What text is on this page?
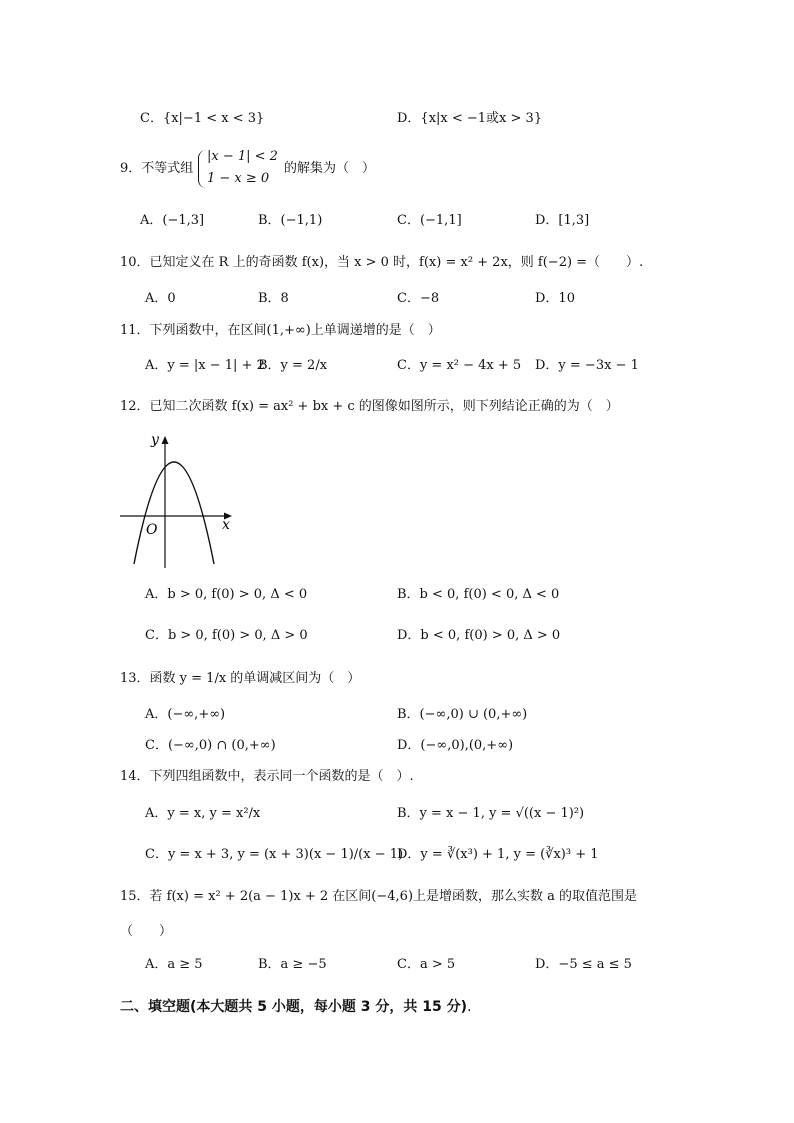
C．{x|−1 < x < 3}	D．{x|x < −1或x > 3}
9．不等式组
|x − 1| < 2
1 − x ≥ 0
的解集为（　）
A．(−1,3]	B．(−1,1)	C．(−1,1]	D．[1,3]
10．已知定义在 R 上的奇函数 f(x)，当 x > 0 时，f(x) = x² + 2x，则 f(−2) =（　　）.
A．0	B．8	C．−8	D．10
11．下列函数中，在区间(1,+∞)上单调递增的是（　）
A．y = |x − 1| + 2
B．y = 2/x	C．y = x² − 4x + 5 D．y = −3x − 1
12．已知二次函数 f(x) = ax² + bx + c 的图像如图所示，则下列结论正确的为（　）
y
x
O
A．b > 0, f(0) > 0, Δ < 0	B．b < 0, f(0) < 0, Δ < 0
C．b > 0, f(0) > 0, Δ > 0	D．b < 0, f(0) > 0, Δ > 0
13．函数 y = 1/x 的单调减区间为（　）
A．(−∞,+∞)	B．(−∞,0) ∪ (0,+∞)
C．(−∞,0) ∩ (0,+∞)	D．(−∞,0),(0,+∞)
14．下列四组函数中，表示同一个函数的是（　）.
A．y = x, y = x²/x	B．y = x − 1, y = √((x − 1)²)
C．y = x + 3, y = (x + 3)(x − 1)/(x − 1)
D．y = ∛(x³) + 1, y = (∛x)³ + 1
15．若 f(x) = x² + 2(a − 1)x + 2 在区间(−4,6)上是增函数，那么实数 a 的取值范围是
（　　）
A．a ≥ 5	B．a ≥ −5	C．a > 5	D．−5 ≤ a ≤ 5
二、填空题(本大题共 5 小题，每小题 3 分，共 15 分).
